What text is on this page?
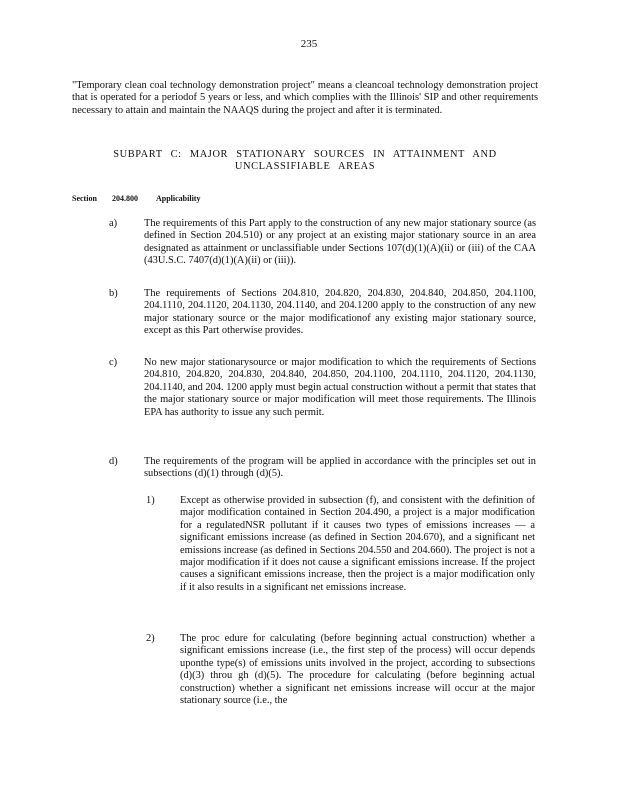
235
"Temporary clean coal technology demonstration project" means a cleancoal technology demonstration project that is operated for a periodof 5 years or less, and which complies with the Illinois' SIP and other requirements necessary to attain and maintain the NAAQS during the project and after it is terminated.
SUBPART C: MAJOR STATIONARY SOURCES IN ATTAINMENT AND
UNCLASSIFIABLE AREAS
Section 204.800 Applicability
a)	The requirements of this Part apply to the construction of any new major stationary source (as defined in Section 204.510) or any project at an existing major stationary source in an area designated as attainment or unclassifiable under Sections 107(d)(1)(A)(ii) or (iii) of the CAA (43U.S.C. 7407(d)(1)(A)(ii) or (iii)).
b)	The requirements of Sections 204.810, 204.820, 204.830, 204.840, 204.850, 204.1100, 204.1110, 204.1120, 204.1130, 204.1140, and 204.1200 apply to the construction of any new major stationary source or the major modificationof any existing major stationary source, except as this Part otherwise provides.
c)	No new major stationarysource or major modification to which the requirements of Sections 204.810, 204.820, 204.830, 204.840, 204.850, 204.1100, 204.1110, 204.1120, 204.1130, 204.1140, and 204. 1200 apply must begin actual construction without a permit that states that the major stationary source or major modification will meet those requirements. The Illinois EPA has authority to issue any such permit.
d)	The requirements of the program will be applied in accordance with the principles set out in subsections (d)(1) through (d)(5).
1) Except as otherwise provided in subsection (f), and consistent with the definition of major modification contained in Section 204.490, a project is a major modification for a regulatedNSR pollutant if it causes two types of emissions increases — a significant emissions increase (as defined in Section 204.670), and a significant net emissions increase (as defined in Sections 204.550 and 204.660). The project is not a major modification if it does not cause a significant emissions increase. If the project causes a significant emissions increase, then the project is a major modification only if it also results in a significant net emissions increase.
2) The proc edure for calculating (before beginning actual construction) whether a significant emissions increase (i.e., the first step of the process) will occur depends uponthe type(s) of emissions units involved in the project, according to subsections (d)(3) throu gh (d)(5). The procedure for calculating (before beginning actual construction) whether a significant net emissions increase will occur at the major stationary source (i.e., the
